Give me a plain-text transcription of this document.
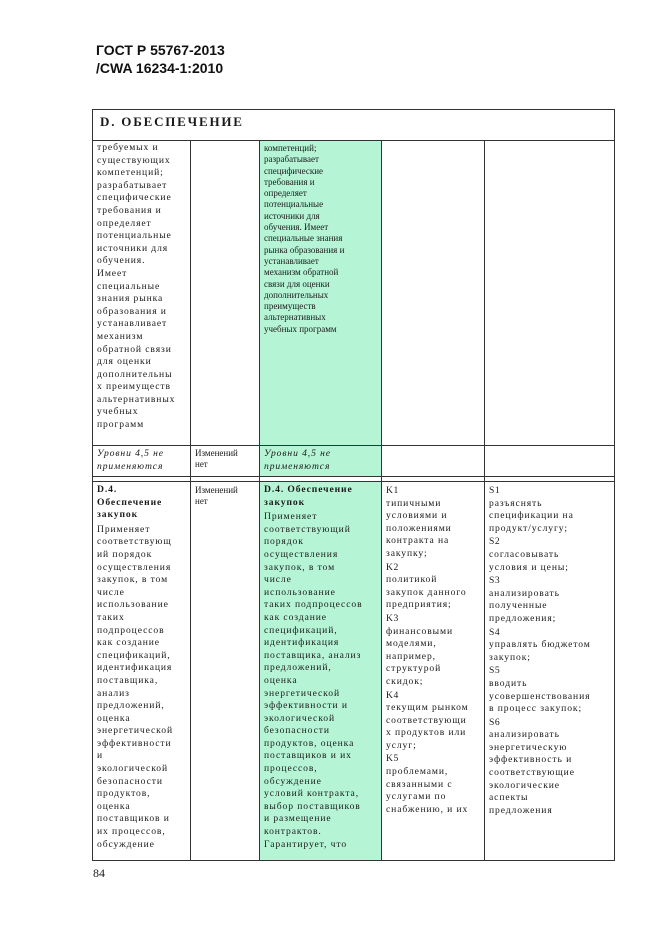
ГОСТ Р 55767-2013
/CWA 16234-1:2010
D. ОБЕСПЕЧЕНИЕ
требуемых и
существующих
компетенций;
разрабатывает
специфические
требования и
определяет
потенциальные
источники для
обучения.
Имеет
специальные
знания рынка
образования и
устанавливает
механизм
обратной связи
для оценки
дополнительны
х преимуществ
альтернативных
учебных
программ
компетенций;
разрабатывает
специфические
требования и
определяет
потенциальные
источники для
обучения. Имеет
специальные знания
рынка образования и
устанавливает
механизм обратной
связи для оценки
дополнительных
преимуществ
альтернативных
учебных программ
Уровни 4,5 не
применяются
Изменений
нет
Уровни 4,5 не
применяются
D.4.
Обеспечение
закупок
Применяет
соответствующ
ий порядок
осуществления
закупок, в том
числе
использование
таких
подпроцессов
как создание
спецификаций,
идентификация
поставщика,
анализ
предложений,
оценка
энергетической
эффективности
и
экологической
безопасности
продуктов,
оценка
поставщиков и
их процессов,
обсуждение
Изменений
нет
D.4. Обеспечение
закупок
Применяет
соответствующий
порядок
осуществления
закупок, в том
числе
использование
таких подпроцессов
как создание
спецификаций,
идентификация
поставщика, анализ
предложений,
оценка
энергетической
эффективности и
экологической
безопасности
продуктов, оценка
поставщиков и их
процессов,
обсуждение
условий контракта,
выбор поставщиков
и размещение
контрактов.
Гарантирует, что
K1
типичными
условиями и
положениями
контракта на
закупку;
K2
политикой
закупок данного
предприятия;
K3
финансовыми
моделями,
например,
структурой
скидок;
K4
текущим рынком
соответствующи
х продуктов или
услуг;
K5
проблемами,
связанными с
услугами по
снабжению, и их
S1
разъяснять
спецификации на
продукт/услугу;
S2
согласовывать
условия и цены;
S3
анализировать
полученные
предложения;
S4
управлять бюджетом
закупок;
S5
вводить
усовершенствования
в процесс закупок;
S6
анализировать
энергетическую
эффективность и
соответствующие
экологические
аспекты
предложения
84
